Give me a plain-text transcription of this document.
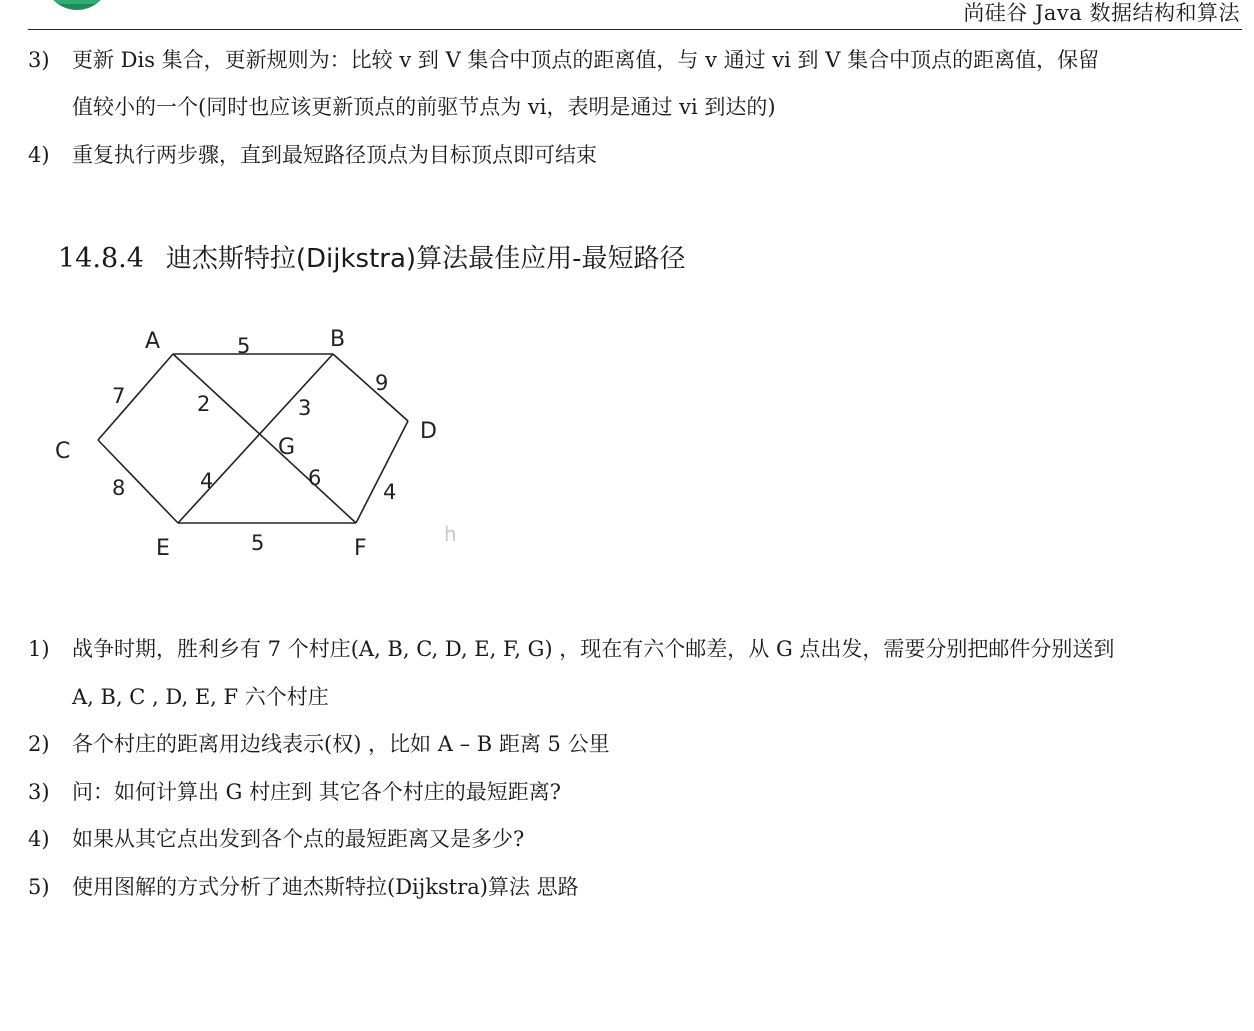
尚硅谷 Java 数据结构和算法
3) 更新 Dis 集合，更新规则为：比较 v 到 V 集合中顶点的距离值，与 v 通过 vi 到 V 集合中顶点的距离值，保留
值较小的一个(同时也应该更新顶点的前驱节点为 vi，表明是通过 vi 到达的)
4) 重复执行两步骤，直到最短路径顶点为目标顶点即可结束
14.8.4 迪杰斯特拉(Dijkstra)算法最佳应用-最短路径
A	B
C
D
E	F
G
5
7	2	3
9
8	4
5
4	6
h
1) 战争时期，胜利乡有 7 个村庄(A, B, C, D, E, F, G) ，现在有六个邮差，从 G 点出发，需要分别把邮件分别送到
A, B, C , D, E, F 六个村庄
2) 各个村庄的距离用边线表示(权) ，比如 A – B 距离 5 公里
3) 问：如何计算出 G 村庄到 其它各个村庄的最短距离?
4) 如果从其它点出发到各个点的最短距离又是多少?
5) 使用图解的方式分析了迪杰斯特拉(Dijkstra)算法 思路
